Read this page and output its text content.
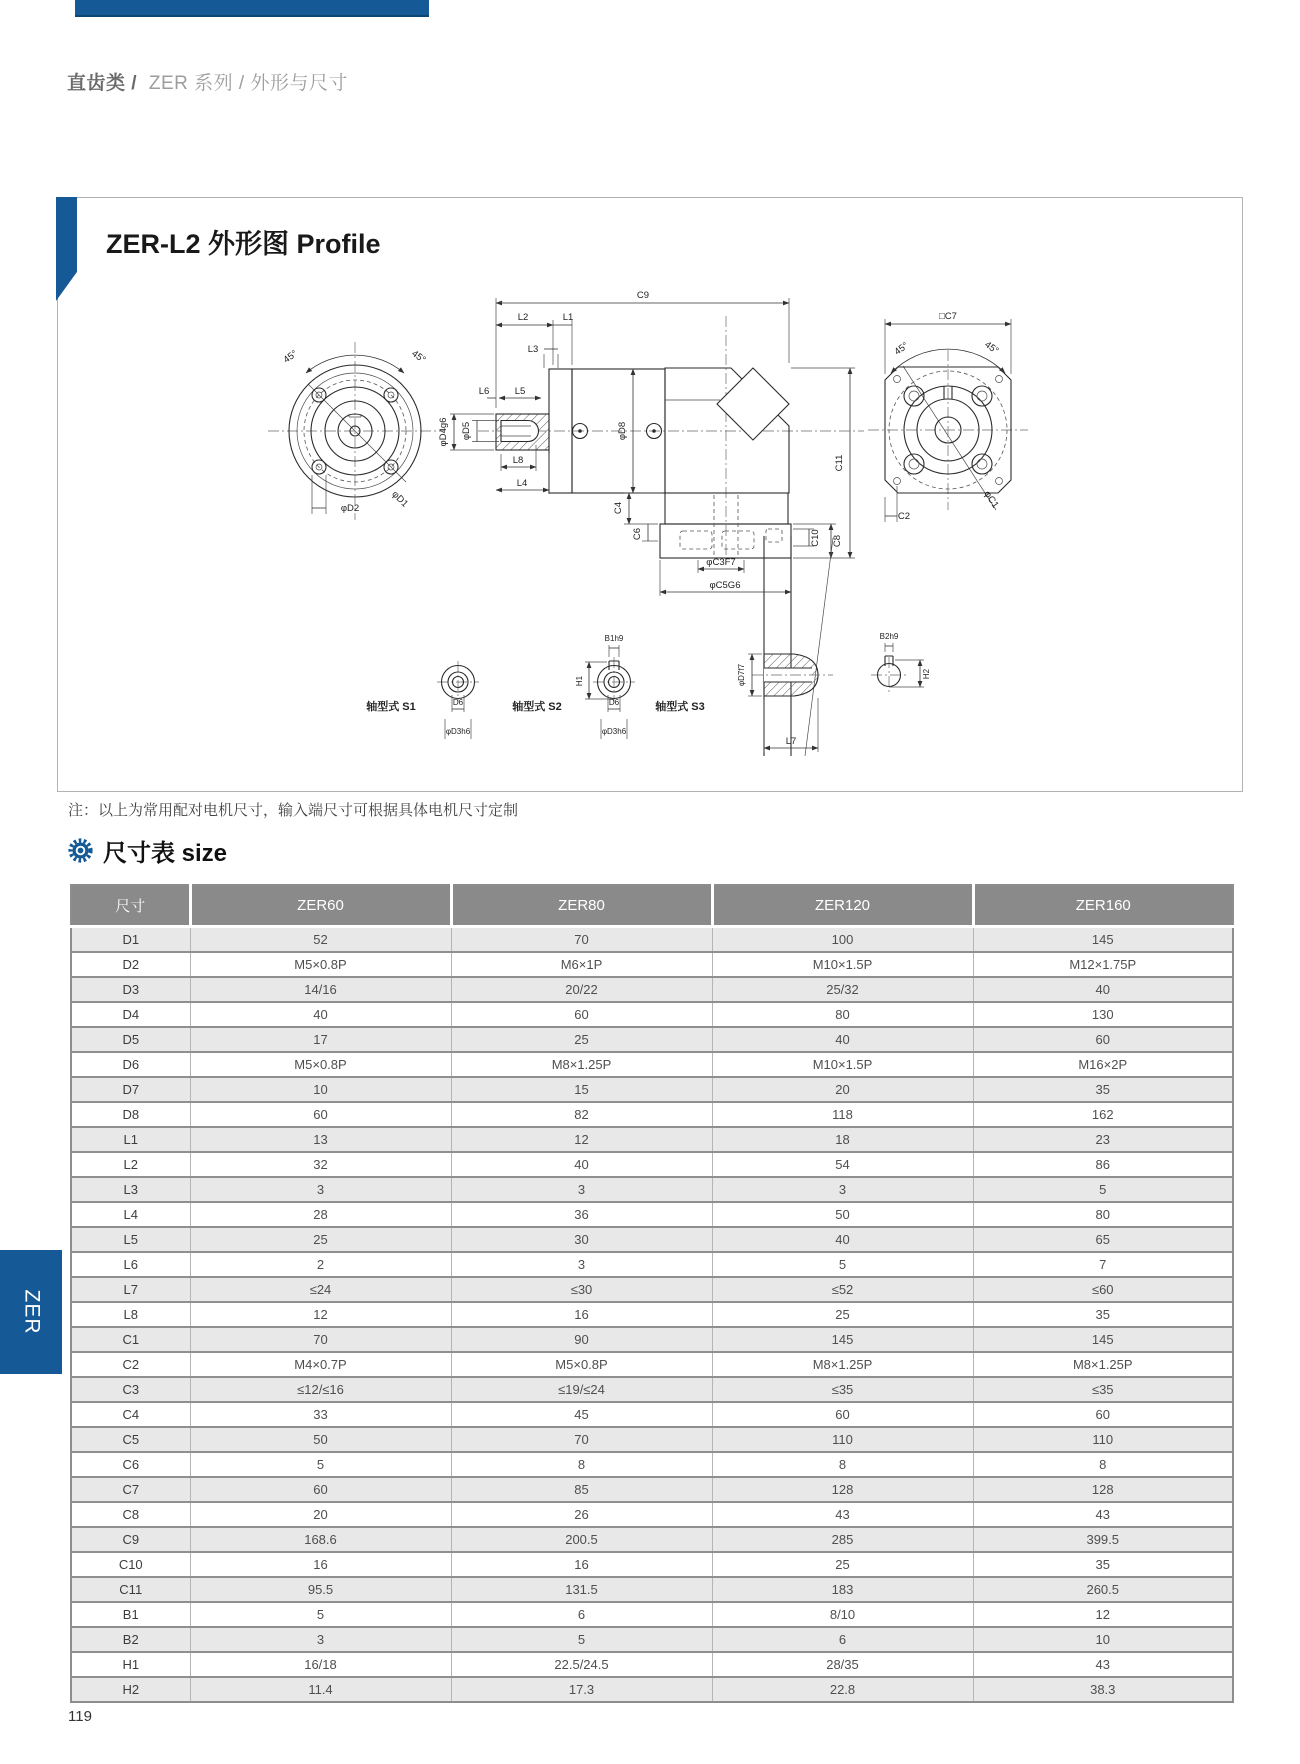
直齿类 / ZER 系列 / 外形与尺寸
ZER-L2 外形图 Profile
45°	45°
φD2	φD1
C9
L2	L1
L3
L6	L5
φD4g6 φD5
L8
L4
φD8
C11
C4
C6	C10 C8
φC3F7
φC5G6
□C7
45°	45°
C2
φC1
轴型式 S1	D6
φD3h6
轴型式 S2
B1h9
H1
D6
φD3h6
轴型式 S3
φD7f7
L7
B2h9
H2
注：以上为常用配对电机尺寸，输入端尺寸可根据具体电机尺寸定制
尺寸表 size
尺寸	ZER60	ZER80	ZER120	ZER160
D1	52	70	100	145
D2	M5×0.8P	M6×1P	M10×1.5P	M12×1.75P
D3	14/16	20/22	25/32	40
D4	40	60	80	130
D5	17	25	40	60
D6	M5×0.8P	M8×1.25P	M10×1.5P	M16×2P
D7	10	15	20	35
D8	60	82	118	162
L1	13	12	18	23
L2	32	40	54	86
L3	3	3	3	5
L4	28	36	50	80
L5	25	30	40	65
L6	2	3	5	7
L7	≤24	≤30	≤52	≤60
L8	12	16	25	35
C1	70	90	145	145
C2	M4×0.7P	M5×0.8P	M8×1.25P	M8×1.25P
C3	≤12/≤16	≤19/≤24	≤35	≤35
C4	33	45	60	60
C5	50	70	110	110
C6	5	8	8	8
C7	60	85	128	128
C8	20	26	43	43
C9	168.6	200.5	285	399.5
C10	16	16	25	35
C11	95.5	131.5	183	260.5
B1	5	6	8/10	12
B2	3	5	6	10
H1	16/18	22.5/24.5	28/35	43
H2	11.4	17.3	22.8	38.3
ZER
119
